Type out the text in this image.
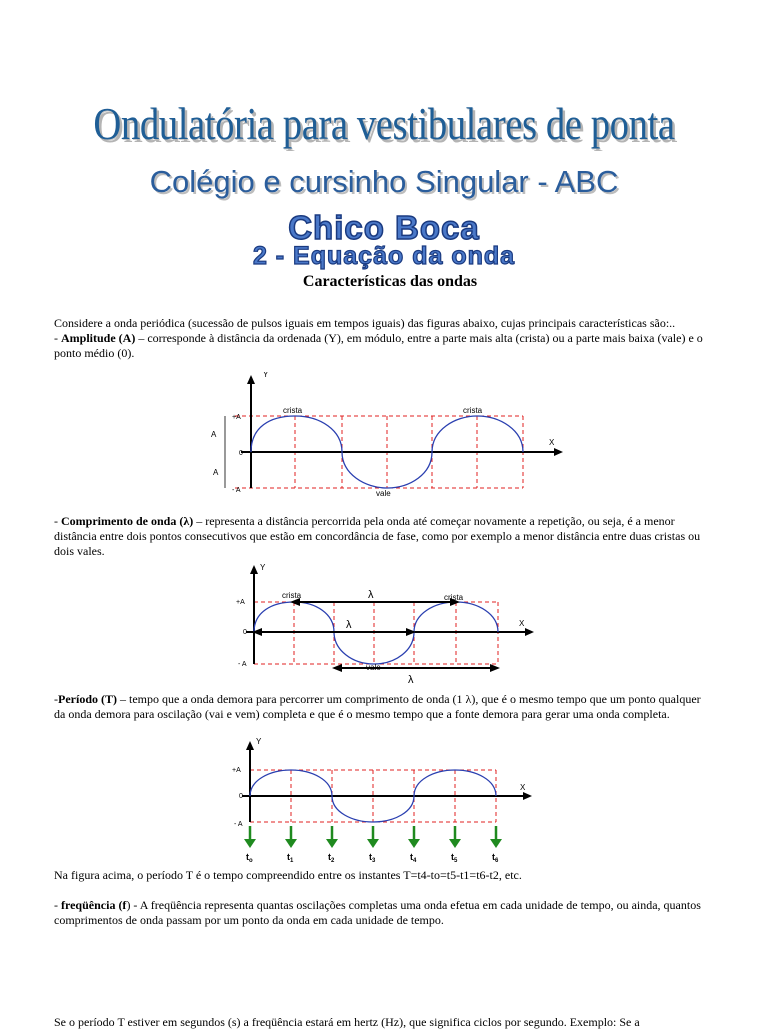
Ondulatória para vestibulares de ponta
Colégio e cursinho Singular - ABC
Chico Boca
2 - Equação da onda
Características das ondas
Considere a onda periódica (sucessão de pulsos iguais em tempos iguais) das figuras abaixo, cujas principais características são:..
- Amplitude (A) – corresponde à distância da ordenada (Y), em módulo, entre a parte mais alta (crista) ou a parte mais baixa (vale) e o ponto médio (0).
Y
X
+A
0
- A
A
A
crista	crista
vale
- Comprimento de onda (λ) – representa a distância percorrida pela onda até começar novamente a repetição, ou seja, é a menor distância entre dois pontos consecutivos que estão em concordância de fase, como por exemplo a menor distância entre duas cristas ou dois vales.
Y
X
+A
0
- A
crista	crista
vale
λ
λ
λ
-Período (T) – tempo que a onda demora para percorrer um comprimento de onda (1 λ), que é o mesmo tempo que um ponto qualquer da onda demora para oscilação (vai e vem) completa e que é o mesmo tempo que a fonte demora para gerar uma onda completa.
Y
X
+A
0
- A
$t_o$	$t_1$	$t_2$	$t_3$	$t_4$	$t_5$	$t_6$
Na figura acima, o período T é o tempo compreendido entre os instantes T=t4-to=t5-t1=t6-t2, etc.
- freqüência (f) - A freqüência representa quantas oscilações completas uma onda efetua em cada unidade de tempo, ou ainda, quantos comprimentos de onda passam por um ponto da onda em cada unidade de tempo.
Se o período T estiver em segundos (s) a freqüência estará em hertz (Hz), que significa ciclos por segundo. Exemplo: Se a
